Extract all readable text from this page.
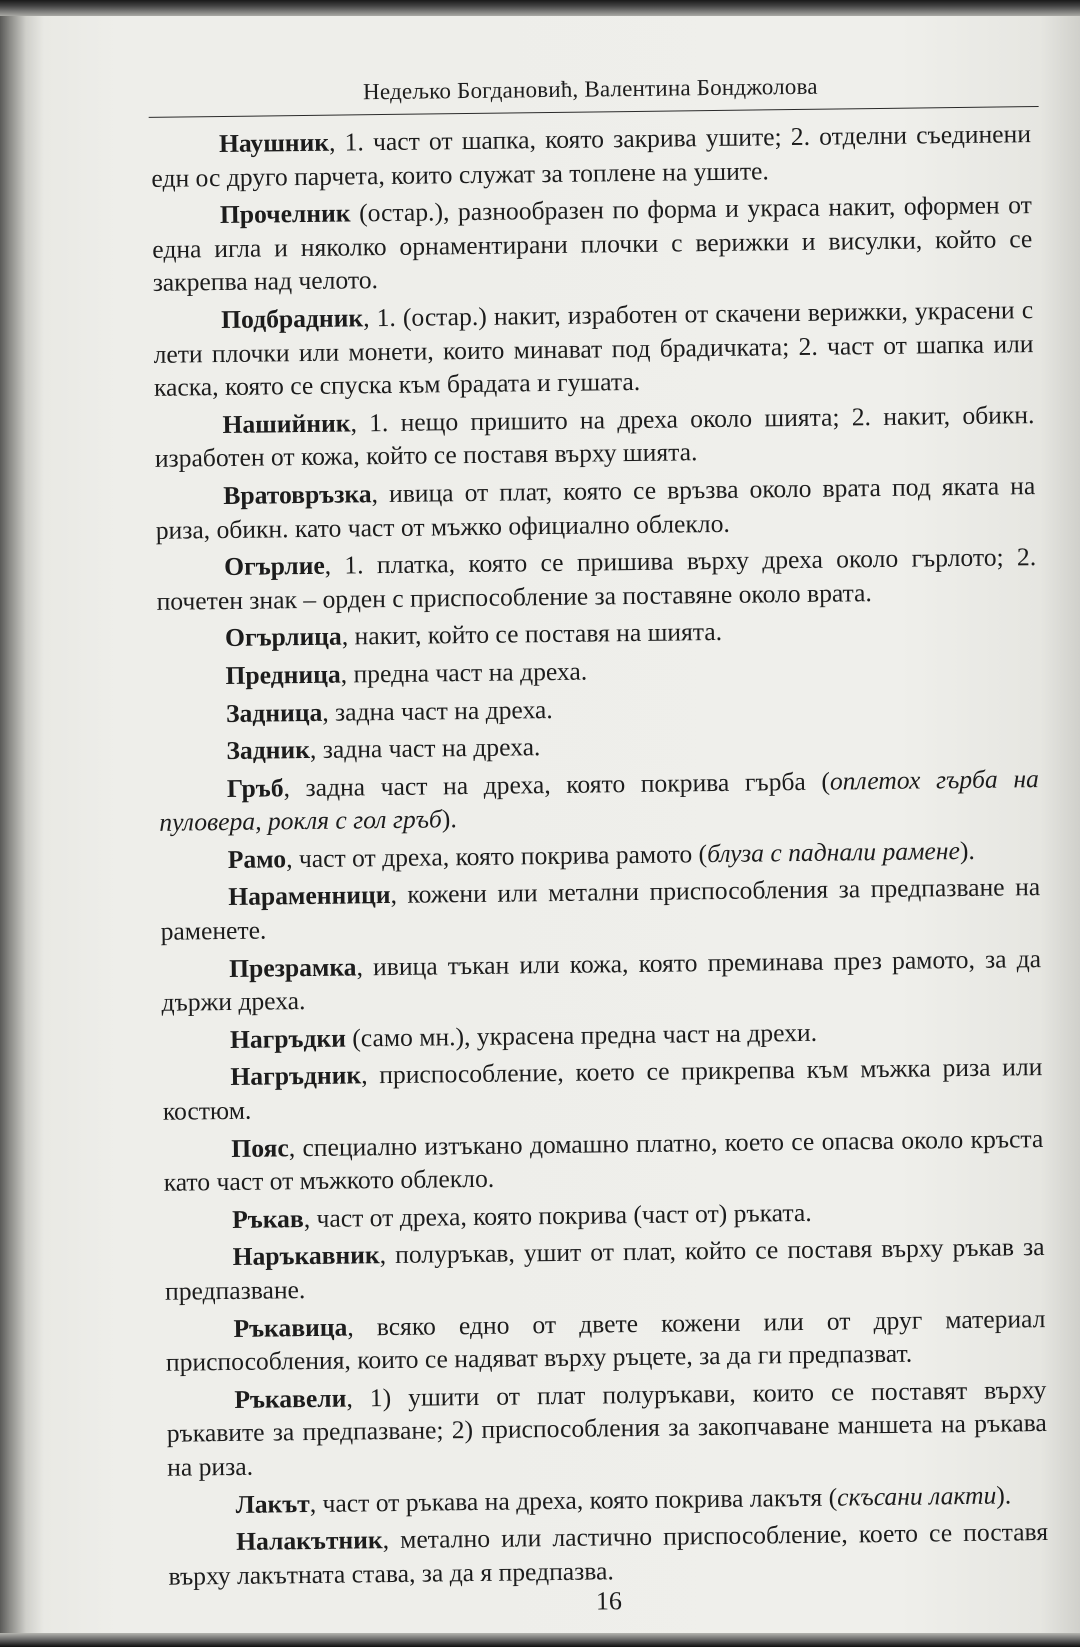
Недељко Богдановић, Валентина Бонджолова

Наушник, 1. част от шапка, която закрива ушите; 2. отделни съединени едн ос друго парчета, които служат за топлене на ушите.

Прочелник (остар.), разнообразен по форма и украса накит, оформен от една игла и няколко орнаментирани плочки с верижки и висулки, който се закрепва над челото.

Подбрадник, 1. (остар.) накит, изработен от скачени верижки, украсени с лети плочки или монети, които минават под брадичката; 2. част от шапка или каска, която се спуска към брадата и гушата.

Нашийник, 1. нещо пришито на дреха около шията; 2. накит, обикн. изработен от кожа, който се поставя върху шията.

Вратовръзка, ивица от плат, която се връзва около врата под яката на риза, обикн. като част от мъжко официално облекло.

Огърлие, 1. платка, която се пришива върху дреха около гърлото; 2. почетен знак – орден с приспособление за поставяне около врата.

Огърлица, накит, който се поставя на шията.

Предница, предна част на дреха.

Задница, задна част на дреха.

Задник, задна част на дреха.

Гръб, задна част на дреха, която покрива гърба (оплетох гърба на пуловера, рокля с гол гръб).

Рамо, част от дреха, която покрива рамото (блуза с паднали рамене).

Нараменници, кожени или метални приспособления за предпазване на раменете.

Презрамка, ивица тъкан или кожа, която преминава през рамото, за да държи дреха.

Нагръдки (само мн.), украсена предна част на дрехи.

Нагръдник, приспособление, което се прикрепва към мъжка риза или костюм.

Пояс, специално изтъкано домашно платно, което се опасва около кръста като част от мъжкото облекло.

Ръкав, част от дреха, която покрива (част от) ръката.

Наръкавник, полуръкав, ушит от плат, който се поставя върху ръкав за предпазване.

Ръкавица, всяко едно от двете кожени или от друг материал приспособления, които се надяват върху ръцете, за да ги предпазват.

Ръкавели, 1) ушити от плат полуръкави, които се поставят върху ръкавите за предпазване; 2) приспособления за закопчаване маншета на ръкава на риза.

Лакът, част от ръкава на дреха, която покрива лакътя (скъсани лакти).

Налакътник, метално или ластично приспособление, което се поставя върху лакътната става, за да я предпазва.

16
